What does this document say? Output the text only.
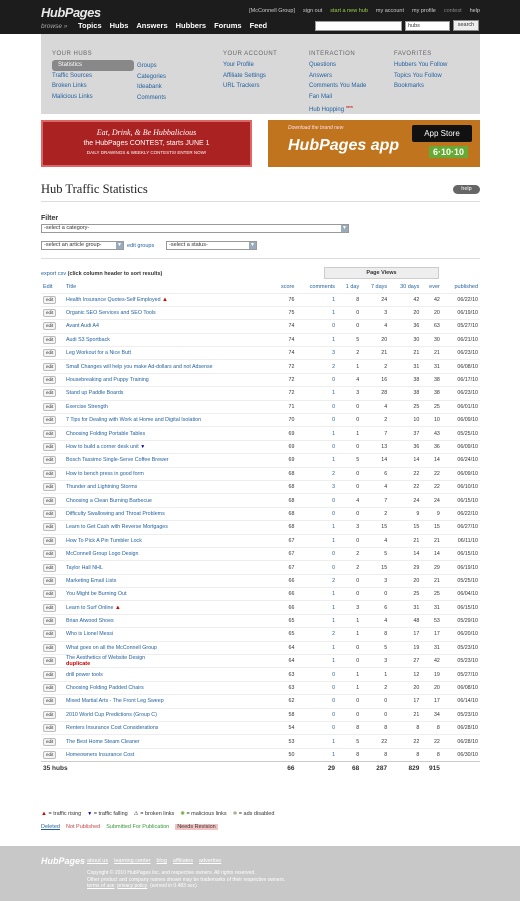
HubPages
browse » Topics Hubs Answers Hubbers Forums Feed
[McConnell Group] sign out start a new hub my account my profile contest help
hubs	search
YOUR HUBS
Statistics
Traffic Sources
Broken Links
Malicious Links
Groups
Categories
Ideabank
Comments
YOUR ACCOUNT
Your Profile
Affiliate Settings
URL Trackers
INTERACTION
Questions
Answers
Comments You Made
Fan Mail
Hub Hopping $^{new}$
FAVORITES
Hubbers You Follow
Topics You Follow
Bookmarks
Eat, Drink, & Be Hubbalicious
the HubPages CONTEST, starts JUNE 1
DAILY DRAWINGS & WEEKLY CONTESTS! ENTER NOW!
Download the brand new
HubPages app
App Store
6·10·10
Hub Traffic Statistics	help
Filter
-select a category-	▼
-select an article group-	▼ edit groups	-select a status-	▼
export csv (click column header to sort results)	Page Views
Edit	Title	score	comments	1 day	7 days	30 days	ever	published
edit	Health Insurance Quotes-Self Employed ▲	76	1	8	24	42	42	06/22/10
edit	Organic SEO Services and SEO Tools	75	1	0	3	20	20	06/19/10
edit	Avant Audi A4	74	0	0	4	36	63	05/27/10
edit	Audi S3 Sportback	74	1	5	20	30	30	06/21/10
edit	Leg Workout for a Nice Butt	74	3	2	21	21	21	06/23/10
edit	Small Changes will help you make Ad-dollars and not Adsense	72	2	1	2	31	31	06/08/10
edit	Housebreaking and Puppy Training	72	0	4	16	38	38	06/17/10
edit	Stand up Paddle Boards	72	1	3	28	38	38	06/23/10
edit	Exercise Strength	71	0	0	4	25	25	06/01/10
edit	7 Tips for Dealing with Work at Home and Digital Isolation	70	0	0	2	10	10	06/09/10
edit	Choosing Folding Portable Tables	69	1	1	7	37	43	05/25/10
edit	How to build a corner desk unit ▼	69	0	0	13	36	36	06/09/10
edit	Bosch Tassimo Single-Serve Coffee Brewer	69	1	5	14	14	14	06/24/10
edit	How to bench press in good form	68	2	0	6	22	22	06/09/10
edit	Thunder and Lightning Storms	68	3	0	4	22	22	06/10/10
edit	Choosing a Clean Burning Barbecue	68	0	4	7	24	24	06/15/10
edit	Difficulty Swallowing and Throat Problems	68	0	0	2	9	9	06/22/10
edit	Learn to Get Cash with Reverse Mortgages	68	1	3	15	15	15	06/27/10
edit	How To Pick A Pin Tumbler Lock	67	1	0	4	21	21	06/11/10
edit	McConnell Group Logo Design	67	0	2	5	14	14	06/15/10
edit	Taylor Hall NHL	67	0	2	15	29	29	06/19/10
edit	Marketing Email Lists	66	2	0	3	20	21	05/25/10
edit	You Might be Burning Out	66	1	0	0	25	25	06/04/10
edit	Learn to Surf Online ▲	66	1	3	6	31	31	06/15/10
edit	Brian Atwood Shoes	65	1	1	4	48	53	05/29/10
edit	Who is Lionel Messi	65	2	1	8	17	17	06/20/10
edit	What goes on all the McConnell Group	64	1	0	5	19	31	05/23/10
edit	The Aesthetics of Website Design
duplicate	64	1	0	3	27	42	05/23/10
edit	drill power tools	63	0	1	1	12	19	05/27/10
edit	Choosing Folding Padded Chairs	63	0	1	2	20	20	06/08/10
edit	Mixed Martial Arts - The Front Leg Sweep	62	0	0	0	17	17	06/14/10
edit	2010 World Cup Predictions (Group C)	58	0	0	0	21	34	05/23/10
edit	Renters Insurance Cost Considerations	54	0	8	8	8	8	06/28/10
edit	The Best Home Steam Cleaner	53	1	5	22	22	22	06/28/10
edit	Homeowners Insurance Cost	50	1	8	8	8	8	06/30/10
35 hubs		66	29	68	287	829	915	
▲ = traffic rising ▼ = traffic falling ⚠ = broken links ✺ = malicious links ✱ = ads disabled
Deleted Not Published Submitted For Publication	Needs Revision
HubPages about us learning center blog affiliates advertise
Copyright © 2010 HubPages Inc. and respective owners. All rights reserved.
Other product and company names shown may be trademarks of their respective owners.
terms of use privacy policy (served in 0.483 sec)
